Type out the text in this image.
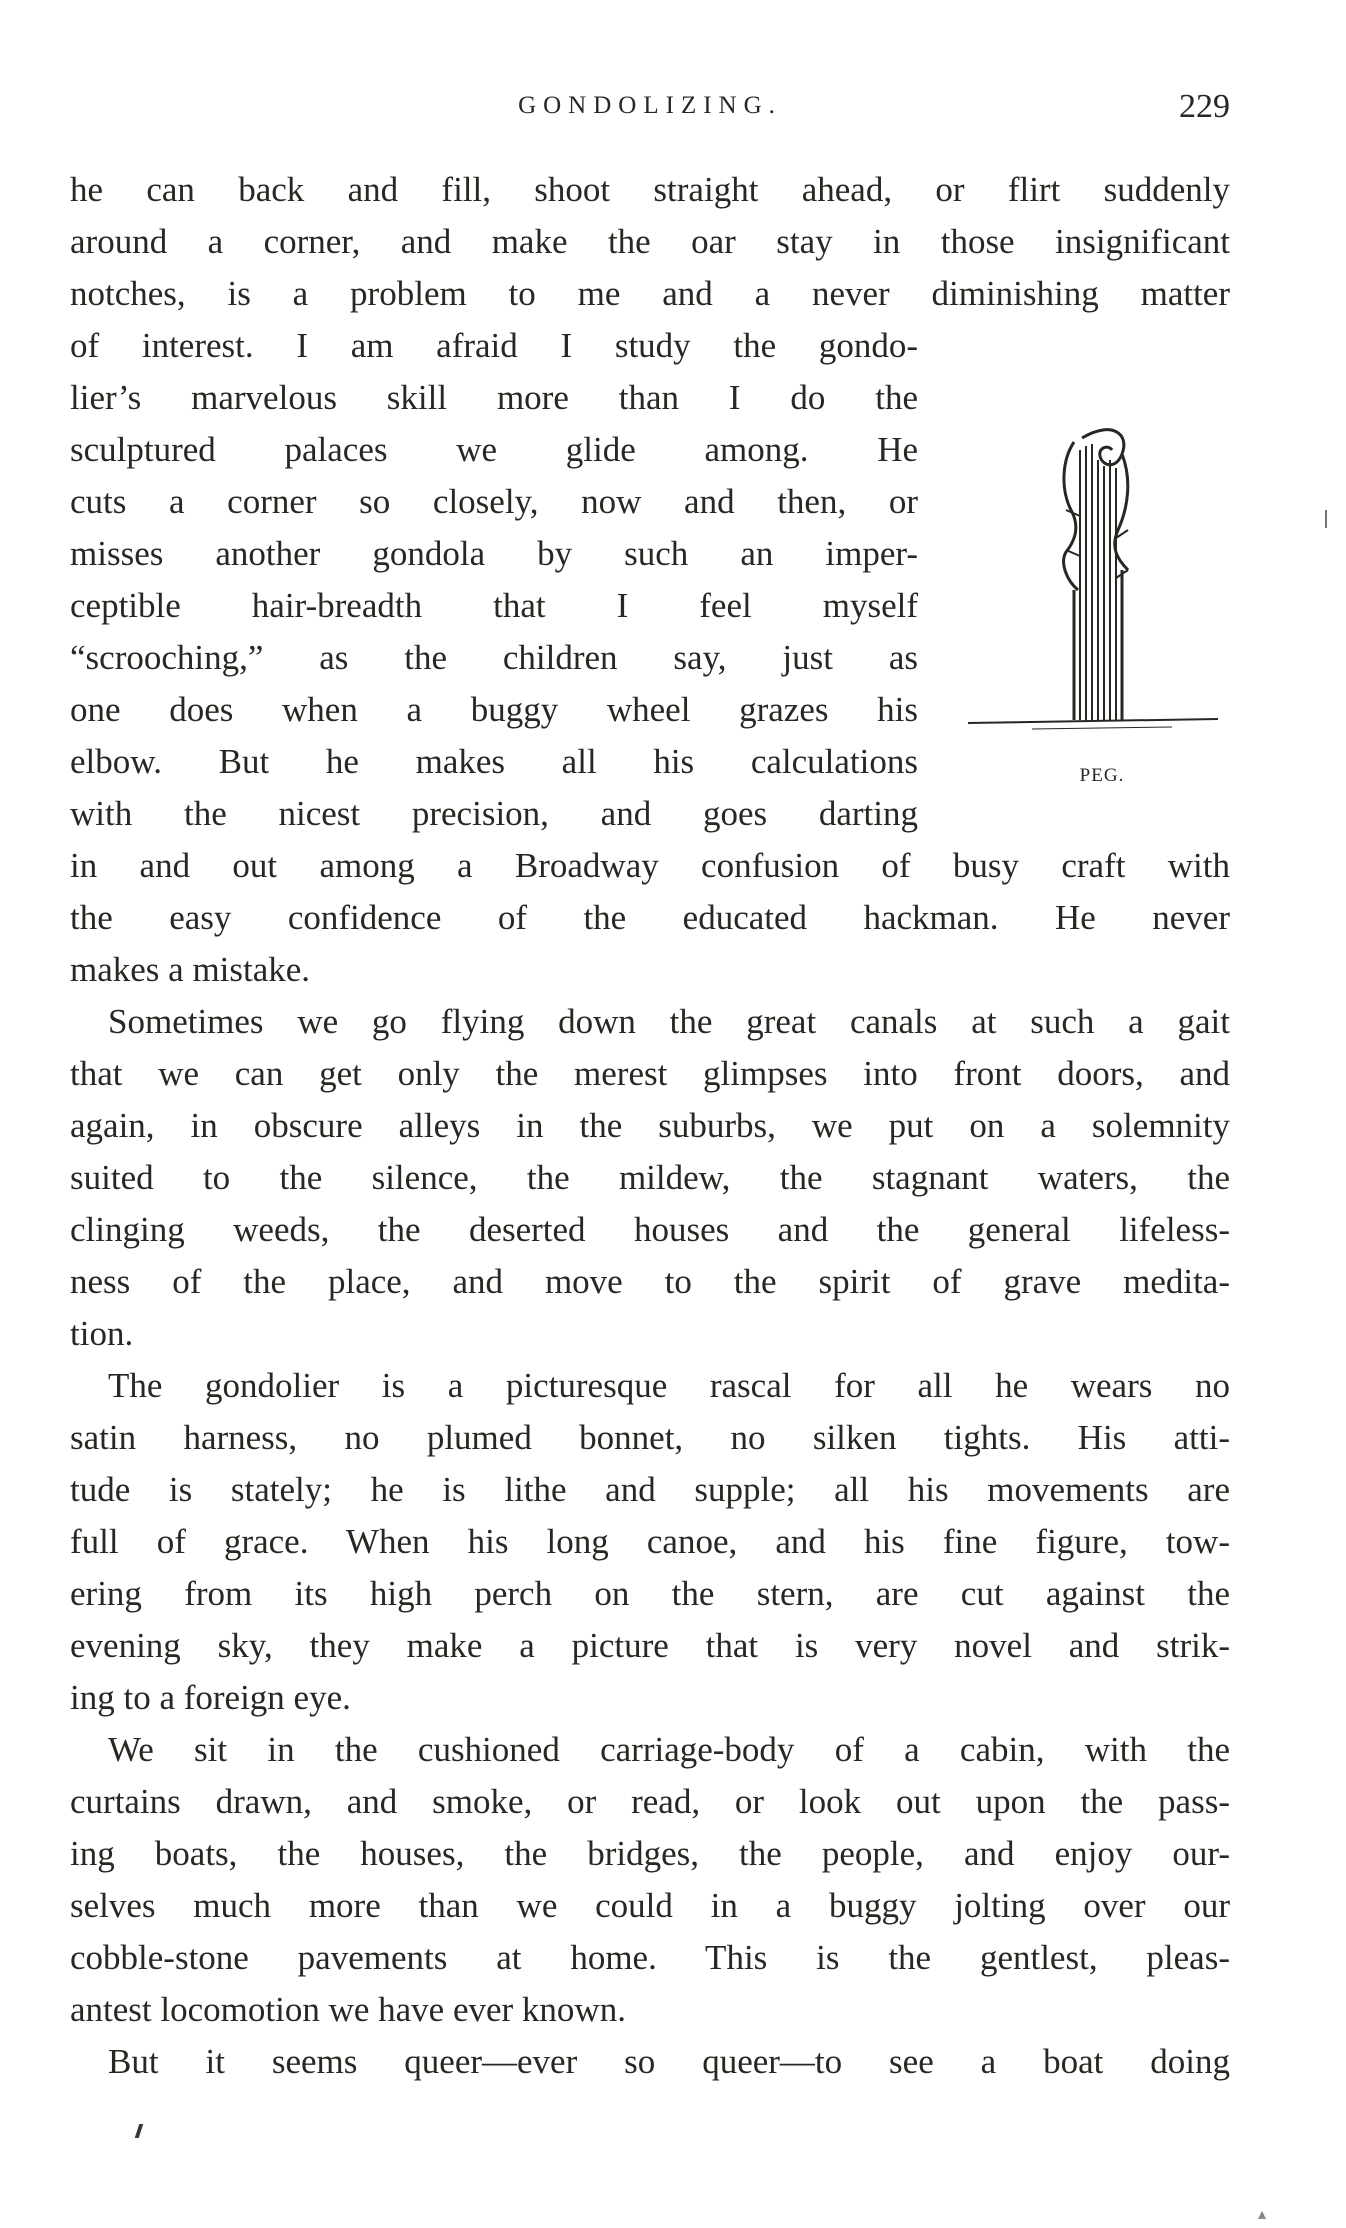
GONDOLIZING.	229
he can back and fill, shoot straight ahead, or flirt suddenly
around a corner, and make the oar stay in those insignificant
notches, is a problem to me and a never diminishing matter
of interest. I am afraid I study the gondo-
lier’s marvelous skill more than I do the
sculptured palaces we glide among. He
cuts a corner so closely, now and then, or
misses another gondola by such an imper-
ceptible hair-breadth that I feel myself
“scrooching,” as the children say, just as
one does when a buggy wheel grazes his
elbow. But he makes all his calculations
with the nicest precision, and goes darting
in and out among a Broadway confusion of busy craft with
the easy confidence of the educated hackman. He never
makes a mistake.
Sometimes we go flying down the great canals at such a gait
that we can get only the merest glimpses into front doors, and
again, in obscure alleys in the suburbs, we put on a solemnity
suited to the silence, the mildew, the stagnant waters, the
clinging weeds, the deserted houses and the general lifeless-
ness of the place, and move to the spirit of grave medita-
tion.
The gondolier is a picturesque rascal for all he wears no
satin harness, no plumed bonnet, no silken tights. His atti-
tude is stately; he is lithe and supple; all his movements are
full of grace. When his long canoe, and his fine figure, tow-
ering from its high perch on the stern, are cut against the
evening sky, they make a picture that is very novel and strik-
ing to a foreign eye.
We sit in the cushioned carriage-body of a cabin, with the
curtains drawn, and smoke, or read, or look out upon the pass-
ing boats, the houses, the bridges, the people, and enjoy our-
selves much more than we could in a buggy jolting over our
cobble-stone pavements at home. This is the gentlest, pleas-
antest locomotion we have ever known.
But it seems queer—ever so queer—to see a boat doing
PEG.
▴
